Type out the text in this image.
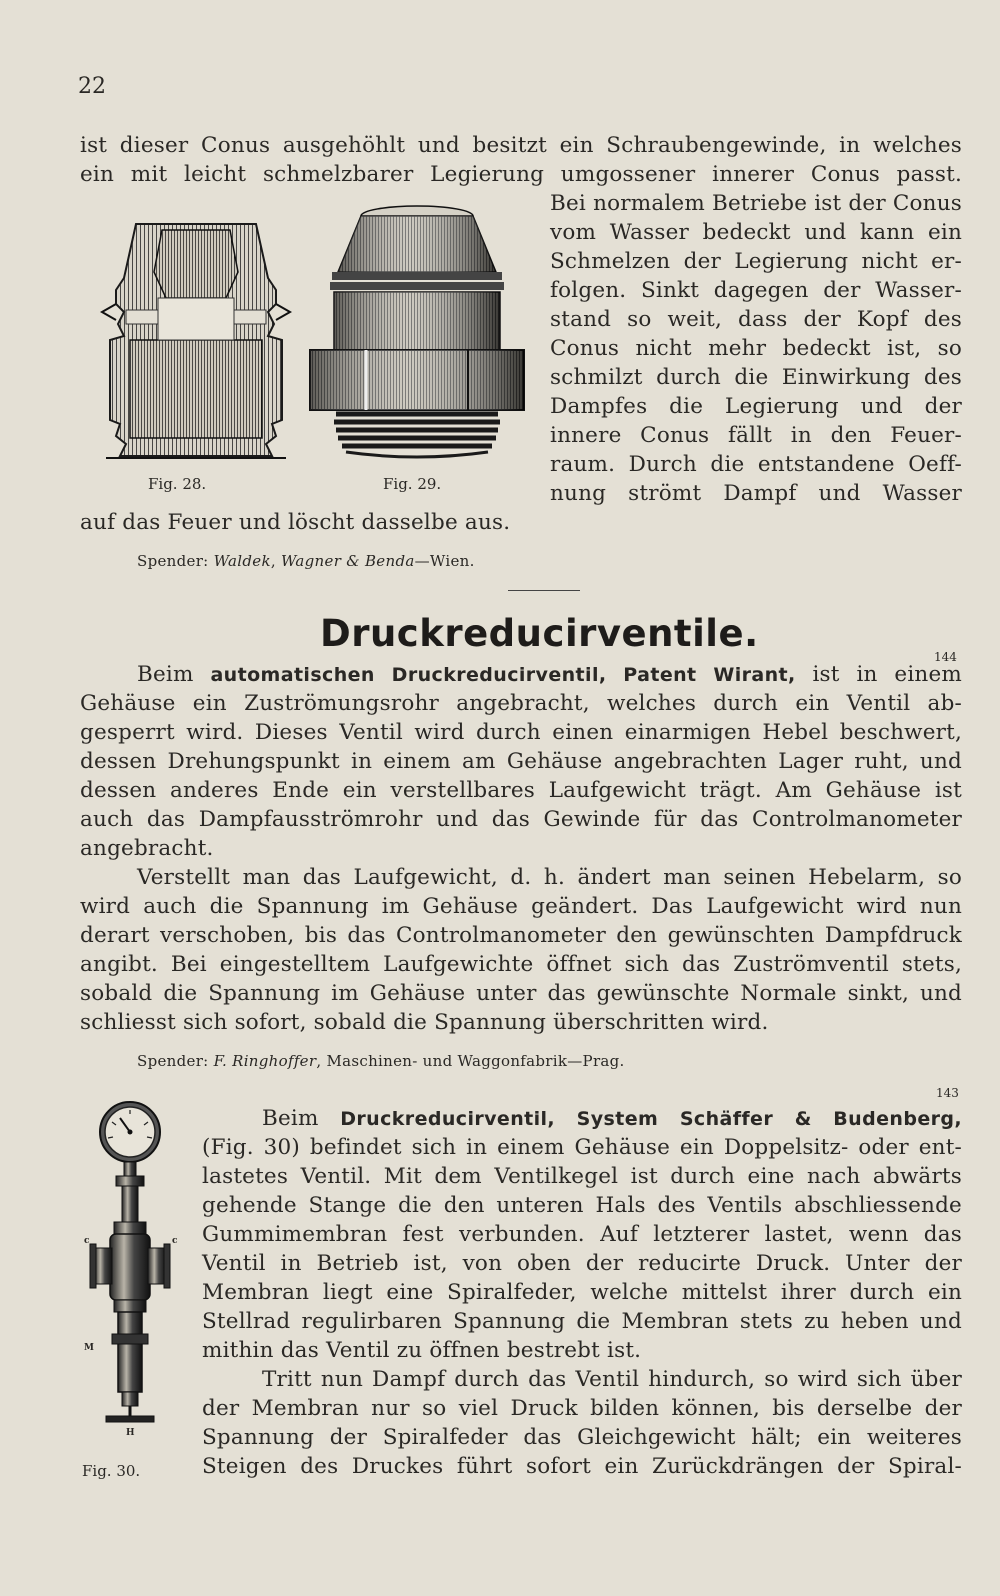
22
ist dieser Conus ausgehöhlt und besitzt ein Schraubengewinde, in welches
ein mit leicht schmelzbarer Legierung umgossener innerer Conus passt.
Fig. 28.	Fig. 29.
Bei normalem Betriebe ist der Conus
vom Wasser bedeckt und kann ein
Schmelzen der Legierung nicht er-
folgen. Sinkt dagegen der Wasser-
stand so weit, dass der Kopf des
Conus nicht mehr bedeckt ist, so
schmilzt durch die Einwirkung des
Dampfes die Legierung und der
innere Conus fällt in den Feuer-
raum. Durch die entstandene Oeff-
nung strömt Dampf und Wasser
auf das Feuer und löscht dasselbe aus.
Spender: Waldek, Wagner & Benda—Wien.
Druckreducirventile.
144
Beim automatischen Druckreducirventil, Patent Wirant, ist in einem
Gehäuse ein Zuströmungsrohr angebracht, welches durch ein Ventil ab-
gesperrt wird. Dieses Ventil wird durch einen einarmigen Hebel beschwert,
dessen Drehungspunkt in einem am Gehäuse angebrachten Lager ruht, und
dessen anderes Ende ein verstellbares Laufgewicht trägt. Am Gehäuse ist
auch das Dampfausströmrohr und das Gewinde für das Controlmanometer
angebracht.
Verstellt man das Laufgewicht, d. h. ändert man seinen Hebelarm, so
wird auch die Spannung im Gehäuse geändert. Das Laufgewicht wird nun
derart verschoben, bis das Controlmanometer den gewünschten Dampfdruck
angibt. Bei eingestelltem Laufgewichte öffnet sich das Zuströmventil stets,
sobald die Spannung im Gehäuse unter das gewünschte Normale sinkt, und
schliesst sich sofort, sobald die Spannung überschritten wird.
Spender: F. Ringhoffer, Maschinen- und Waggonfabrik—Prag.
143
c	c
M
H
Fig. 30.
Beim Druckreducirventil, System Schäffer & Budenberg,
(Fig. 30) befindet sich in einem Gehäuse ein Doppelsitz- oder ent-
lastetes Ventil. Mit dem Ventilkegel ist durch eine nach abwärts
gehende Stange die den unteren Hals des Ventils abschliessende
Gummimembran fest verbunden. Auf letzterer lastet, wenn das
Ventil in Betrieb ist, von oben der reducirte Druck. Unter der
Membran liegt eine Spiralfeder, welche mittelst ihrer durch ein
Stellrad regulirbaren Spannung die Membran stets zu heben und
mithin das Ventil zu öffnen bestrebt ist.
Tritt nun Dampf durch das Ventil hindurch, so wird sich über
der Membran nur so viel Druck bilden können, bis derselbe der
Spannung der Spiralfeder das Gleichgewicht hält; ein weiteres
Steigen des Druckes führt sofort ein Zurückdrängen der Spiral-
